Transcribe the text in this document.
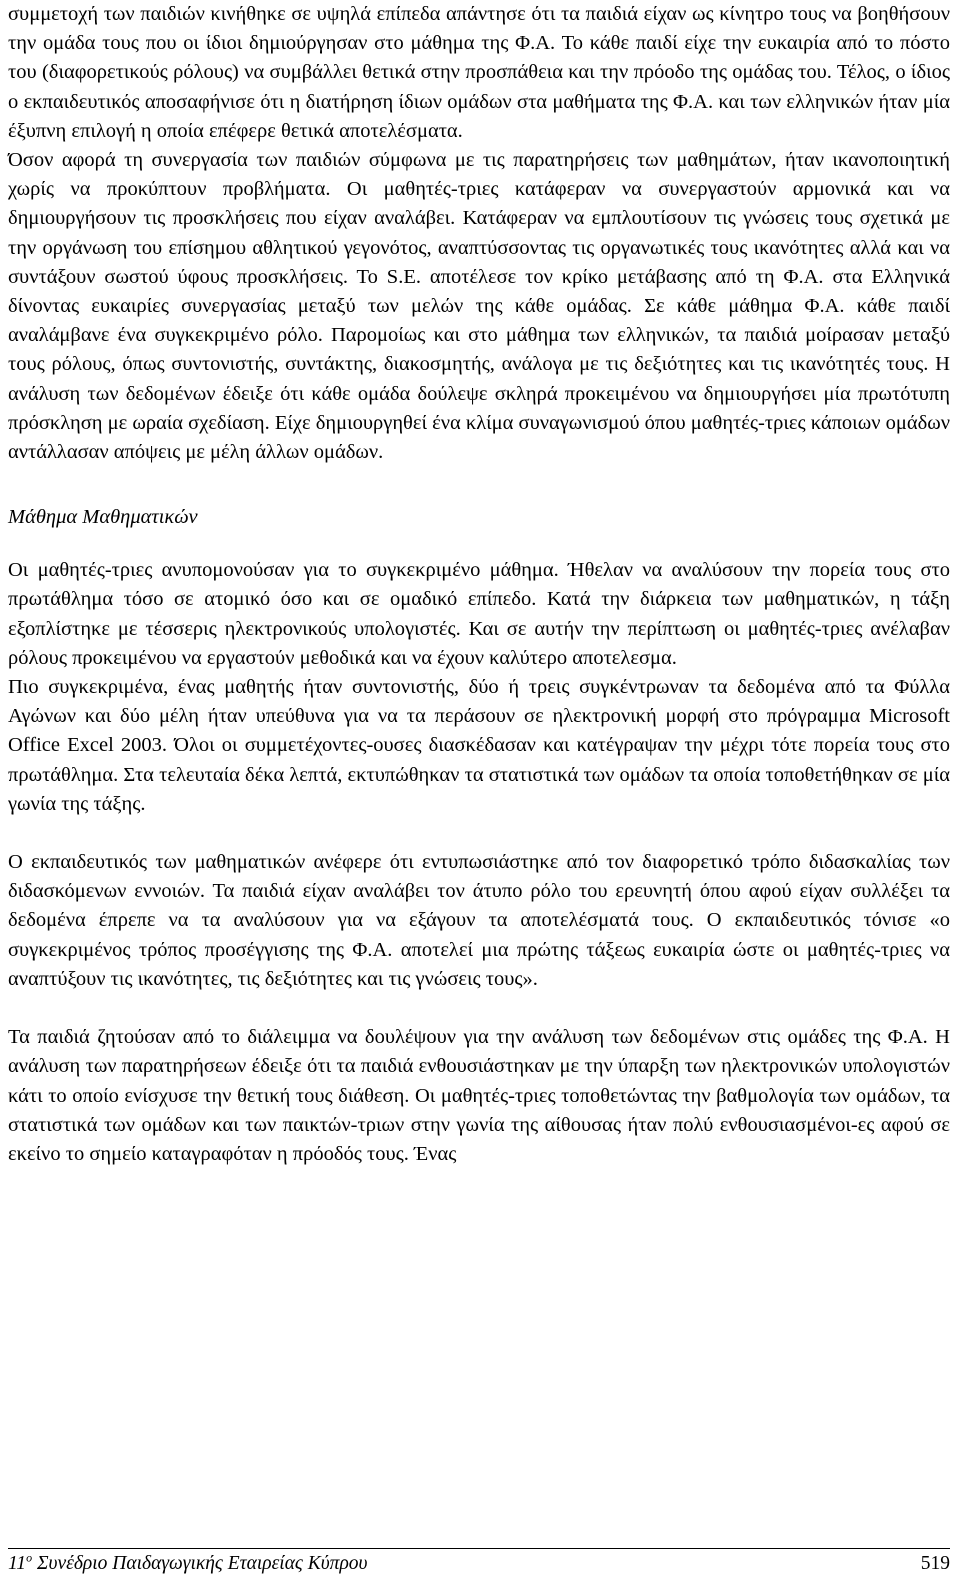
συμμετοχή των παιδιών κινήθηκε σε υψηλά επίπεδα απάντησε ότι τα παιδιά είχαν ως κίνητρο τους να βοηθήσουν την ομάδα τους που οι ίδιοι δημιούργησαν στο μάθημα της Φ.Α. Το κάθε παιδί είχε την ευκαιρία από το πόστο του (διαφορετικούς ρόλους) να συμβάλλει θετικά στην προσπάθεια και την πρόοδο της ομάδας του. Τέλος, ο ίδιος ο εκπαιδευτικός αποσαφήνισε ότι η διατήρηση ίδιων ομάδων στα μαθήματα της Φ.Α. και των ελληνικών ήταν μία έξυπνη επιλογή η οποία επέφερε θετικά αποτελέσματα.

Όσον αφορά τη συνεργασία των παιδιών σύμφωνα με τις παρατηρήσεις των μαθημάτων, ήταν ικανοποιητική χωρίς να προκύπτουν προβλήματα. Οι μαθητές-τριες κατάφεραν να συνεργαστούν αρμονικά και να δημιουργήσουν τις προσκλήσεις που είχαν αναλάβει. Κατάφεραν να εμπλουτίσουν τις γνώσεις τους σχετικά με την οργάνωση του επίσημου αθλητικού γεγονότος, αναπτύσσοντας τις οργανωτικές τους ικανότητες αλλά και να συντάξουν σωστού ύφους προσκλήσεις. Το S.E. αποτέλεσε τον κρίκο μετάβασης από τη Φ.Α. στα Ελληνικά δίνοντας ευκαιρίες συνεργασίας μεταξύ των μελών της κάθε ομάδας. Σε κάθε μάθημα Φ.Α. κάθε παιδί αναλάμβανε ένα συγκεκριμένο ρόλο. Παρομοίως και στο μάθημα των ελληνικών, τα παιδιά μοίρασαν μεταξύ τους ρόλους, όπως συντονιστής, συντάκτης, διακοσμητής, ανάλογα με τις δεξιότητες και τις ικανότητές τους. Η ανάλυση των δεδομένων έδειξε ότι κάθε ομάδα δούλεψε σκληρά προκειμένου να δημιουργήσει μία πρωτότυπη πρόσκληση με ωραία σχεδίαση. Είχε δημιουργηθεί ένα κλίμα συναγωνισμού όπου μαθητές-τριες κάποιων ομάδων αντάλλασαν απόψεις με μέλη άλλων ομάδων.

Μάθημα Μαθηματικών

Οι μαθητές-τριες ανυπομονούσαν για το συγκεκριμένο μάθημα. Ήθελαν να αναλύσουν την πορεία τους στο πρωτάθλημα τόσο σε ατομικό όσο και σε ομαδικό επίπεδο. Κατά την διάρκεια των μαθηματικών, η τάξη εξοπλίστηκε με τέσσερις ηλεκτρονικούς υπολογιστές. Και σε αυτήν την περίπτωση οι μαθητές-τριες ανέλαβαν ρόλους προκειμένου να εργαστούν μεθοδικά και να έχουν καλύτερο αποτελεσμα.

Πιο συγκεκριμένα, ένας μαθητής ήταν συντονιστής, δύο ή τρεις συγκέντρωναν τα δεδομένα από τα Φύλλα Αγώνων και δύο μέλη ήταν υπεύθυνα για να τα περάσουν σε ηλεκτρονική μορφή στο πρόγραμμα Microsoft Office Excel 2003. Όλοι οι συμμετέχοντες-ουσες διασκέδασαν και κατέγραψαν την μέχρι τότε πορεία τους στο πρωτάθλημα. Στα τελευταία δέκα λεπτά, εκτυπώθηκαν τα στατιστικά των ομάδων τα οποία τοποθετήθηκαν σε μία γωνία της τάξης.

Ο εκπαιδευτικός των μαθηματικών ανέφερε ότι εντυπωσιάστηκε από τον διαφορετικό τρόπο διδασκαλίας των διδασκόμενων εννοιών. Τα παιδιά είχαν αναλάβει τον άτυπο ρόλο του ερευνητή όπου αφού είχαν συλλέξει τα δεδομένα έπρεπε να τα αναλύσουν για να εξάγουν τα αποτελέσματά τους. Ο εκπαιδευτικός τόνισε «ο συγκεκριμένος τρόπος προσέγγισης της Φ.Α. αποτελεί μια πρώτης τάξεως ευκαιρία ώστε οι μαθητές-τριες να αναπτύξουν τις ικανότητες, τις δεξιότητες και τις γνώσεις τους».

Τα παιδιά ζητούσαν από το διάλειμμα να δουλέψουν για την ανάλυση των δεδομένων στις ομάδες της Φ.Α. Η ανάλυση των παρατηρήσεων έδειξε ότι τα παιδιά ενθουσιάστηκαν με την ύπαρξη των ηλεκτρονικών υπολογιστών κάτι το οποίο ενίσχυσε την θετική τους διάθεση. Οι μαθητές-τριες τοποθετώντας την βαθμολογία των ομάδων, τα στατιστικά των ομάδων και των παικτών-τριων στην γωνία της αίθουσας ήταν πολύ ενθουσιασμένοι-ες αφού σε εκείνο το σημείο καταγραφόταν η πρόοδός τους. Ένας

$11^o$ Συνέδριο Παιδαγωγικής Εταιρείας Κύπρου	519
